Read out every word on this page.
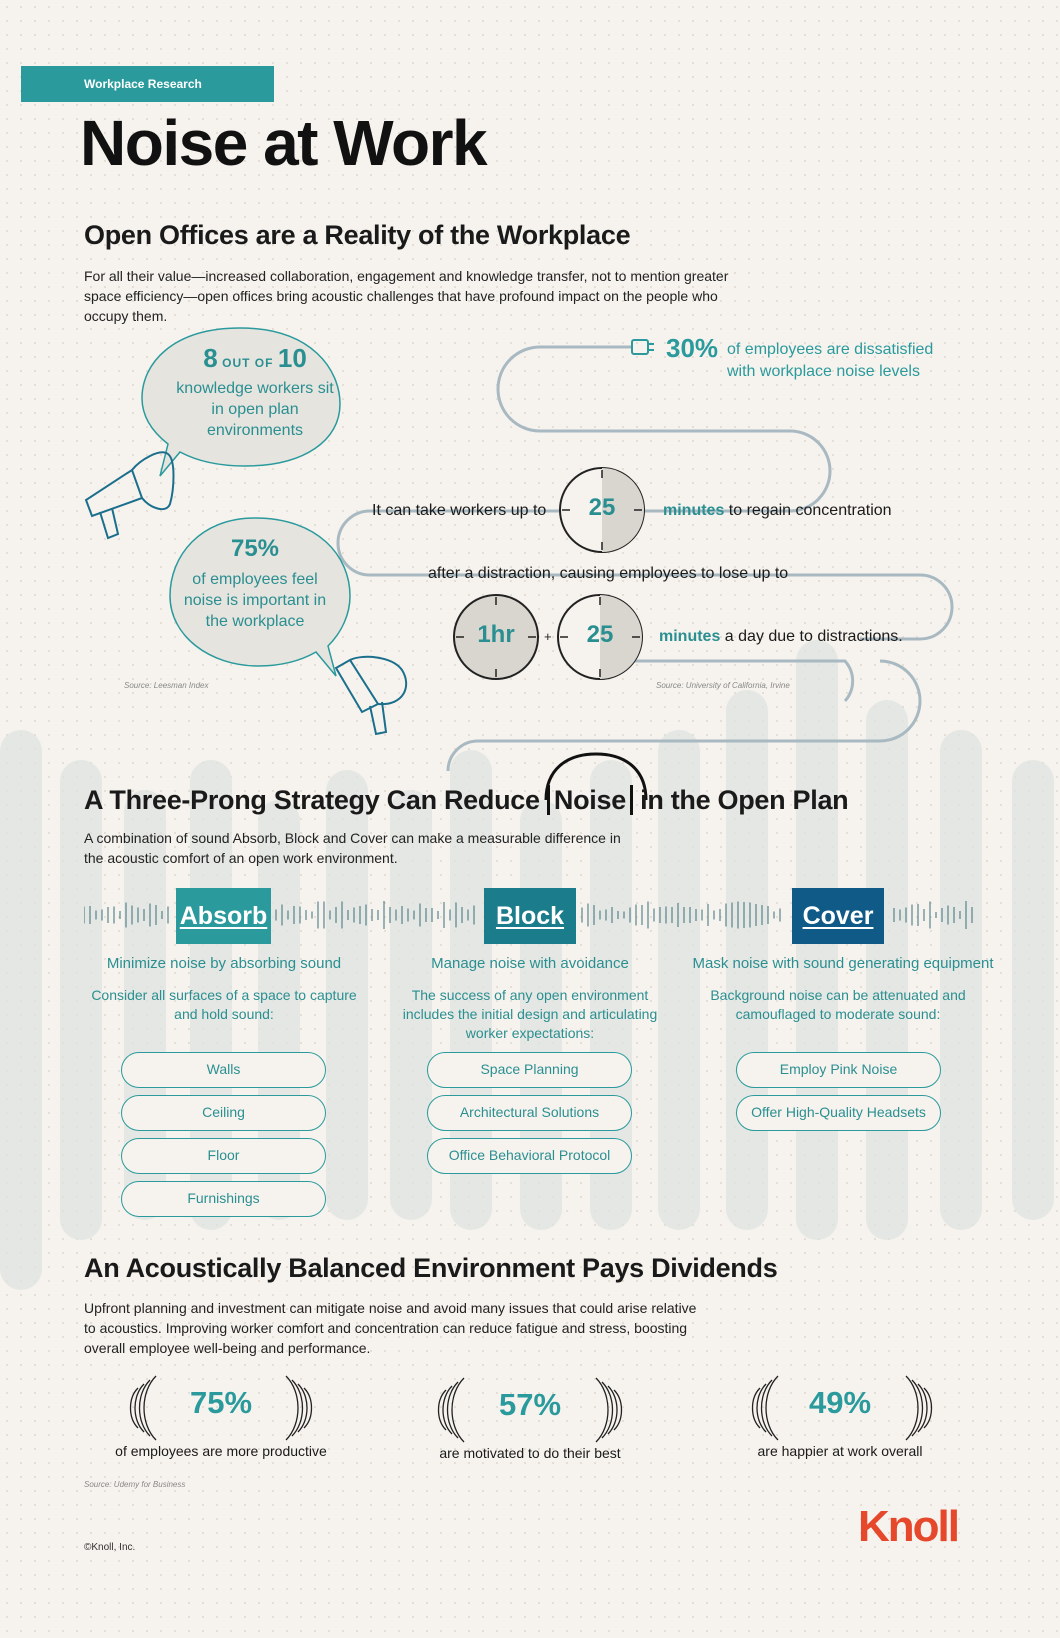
Workplace Research
Noise at Work
Open Offices are a Reality of the Workplace
For all their value—increased collaboration, engagement and knowledge transfer, not to mention greater space efficiency—open offices bring acoustic challenges that have profound impact on the people who occupy them.
8 OUT OF 10
knowledge workers sit in open plan environments
75%
of employees feel noise is important in the workplace
Source: Leesman Index
30% of employees are dissatisfied with workplace noise levels
It can take workers up to	25	minutes to regain concentration
after a distraction, causing employees to lose up to
1hr	+	25	minutes a day due to distractions.
Source: University of California, Irvine
A Three-Prong Strategy Can Reduce Noise in the Open Plan
A combination of sound Absorb, Block and Cover can make a measurable difference in the acoustic comfort of an open work environment.
Absorb	Block	Cover
Minimize noise by absorbing sound
Consider all surfaces of a space to capture and hold sound:
Manage noise with avoidance
The success of any open environment includes the initial design and articulating worker expectations:
Mask noise with sound generating equipment
Background noise can be attenuated and camouflaged to moderate sound:
Walls
Ceiling
Floor
Furnishings
Space Planning
Architectural Solutions
Office Behavioral Protocol
Employ Pink Noise
Offer High-Quality Headsets
An Acoustically Balanced Environment Pays Dividends
Upfront planning and investment can mitigate noise and avoid many issues that could arise relative to acoustics. Improving worker comfort and concentration can reduce fatigue and stress, boosting overall employee well-being and performance.
75%
of employees are more productive
57%
are motivated to do their best
49%
are happier at work overall
Source: Udemy for Business
©Knoll, Inc.	Knoll
